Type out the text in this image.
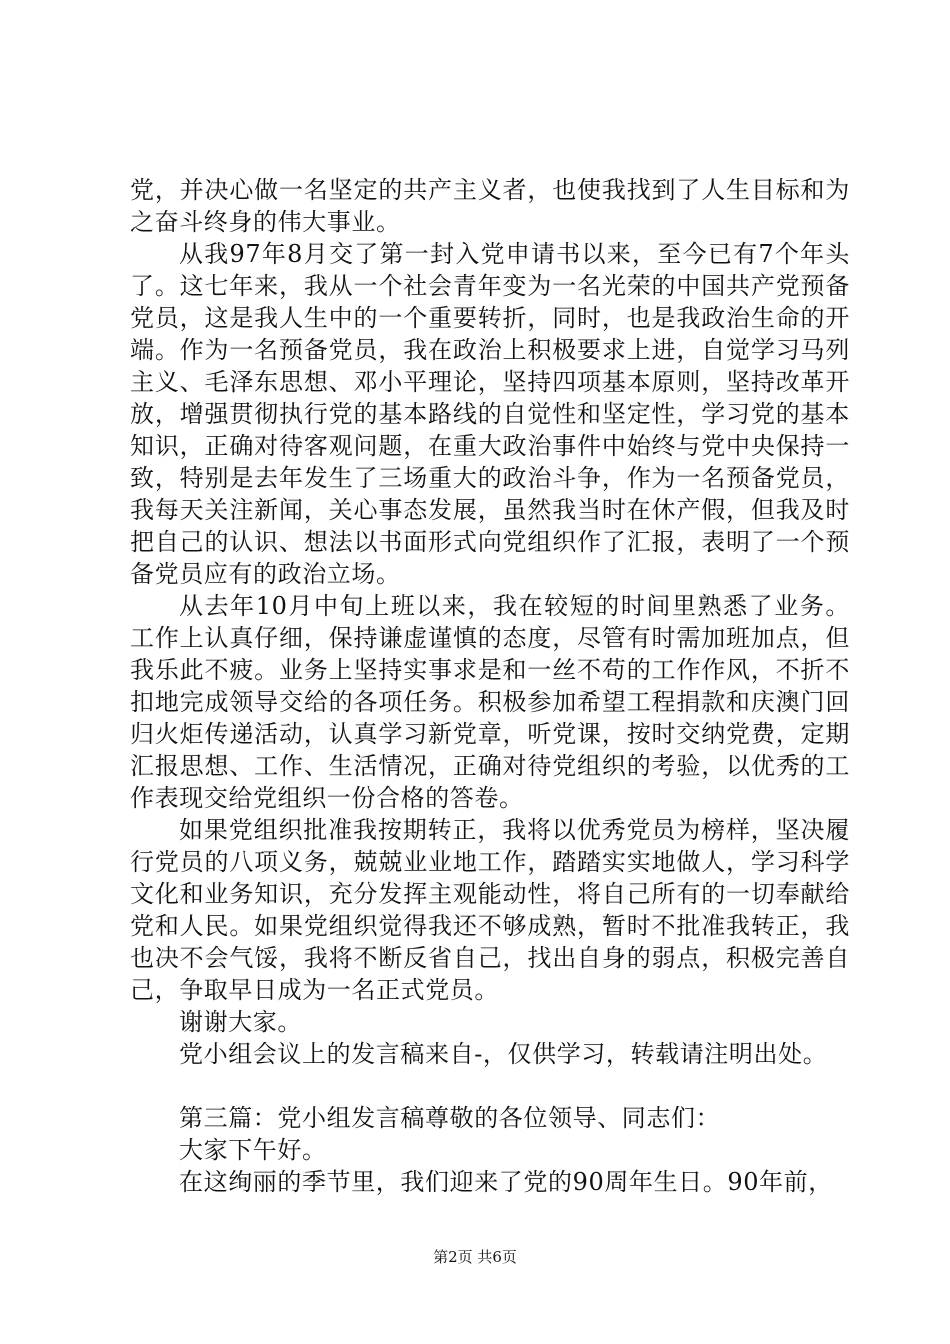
党，并决心做一名坚定的共产主义者，也使我找到了人生目标和为之奋斗终身的伟大事业。

从我97年8月交了第一封入党申请书以来，至今已有7个年头了。这七年来，我从一个社会青年变为一名光荣的中国共产党预备党员，这是我人生中的一个重要转折，同时，也是我政治生命的开端。作为一名预备党员，我在政治上积极要求上进，自觉学习马列主义、毛泽东思想、邓小平理论，坚持四项基本原则，坚持改革开放，增强贯彻执行党的基本路线的自觉性和坚定性，学习党的基本知识，正确对待客观问题，在重大政治事件中始终与党中央保持一致，特别是去年发生了三场重大的政治斗争，作为一名预备党员，我每天关注新闻，关心事态发展，虽然我当时在休产假，但我及时把自己的认识、想法以书面形式向党组织作了汇报，表明了一个预备党员应有的政治立场。

从去年10月中旬上班以来，我在较短的时间里熟悉了业务。工作上认真仔细，保持谦虚谨慎的态度，尽管有时需加班加点，但我乐此不疲。业务上坚持实事求是和一丝不苟的工作作风，不折不扣地完成领导交给的各项任务。积极参加希望工程捐款和庆澳门回归火炬传递活动，认真学习新党章，听党课，按时交纳党费，定期汇报思想、工作、生活情况，正确对待党组织的考验，以优秀的工作表现交给党组织一份合格的答卷。

如果党组织批准我按期转正，我将以优秀党员为榜样，坚决履行党员的八项义务，兢兢业业地工作，踏踏实实地做人，学习科学文化和业务知识，充分发挥主观能动性，将自己所有的一切奉献给党和人民。如果党组织觉得我还不够成熟，暂时不批准我转正，我也决不会气馁，我将不断反省自己，找出自身的弱点，积极完善自己，争取早日成为一名正式党员。

谢谢大家。

党小组会议上的发言稿来自-，仅供学习，转载请注明出处。

第三篇：党小组发言稿尊敬的各位领导、同志们：

大家下午好。

在这绚丽的季节里，我们迎来了党的90周年生日。90年前，

第2页 共6页
